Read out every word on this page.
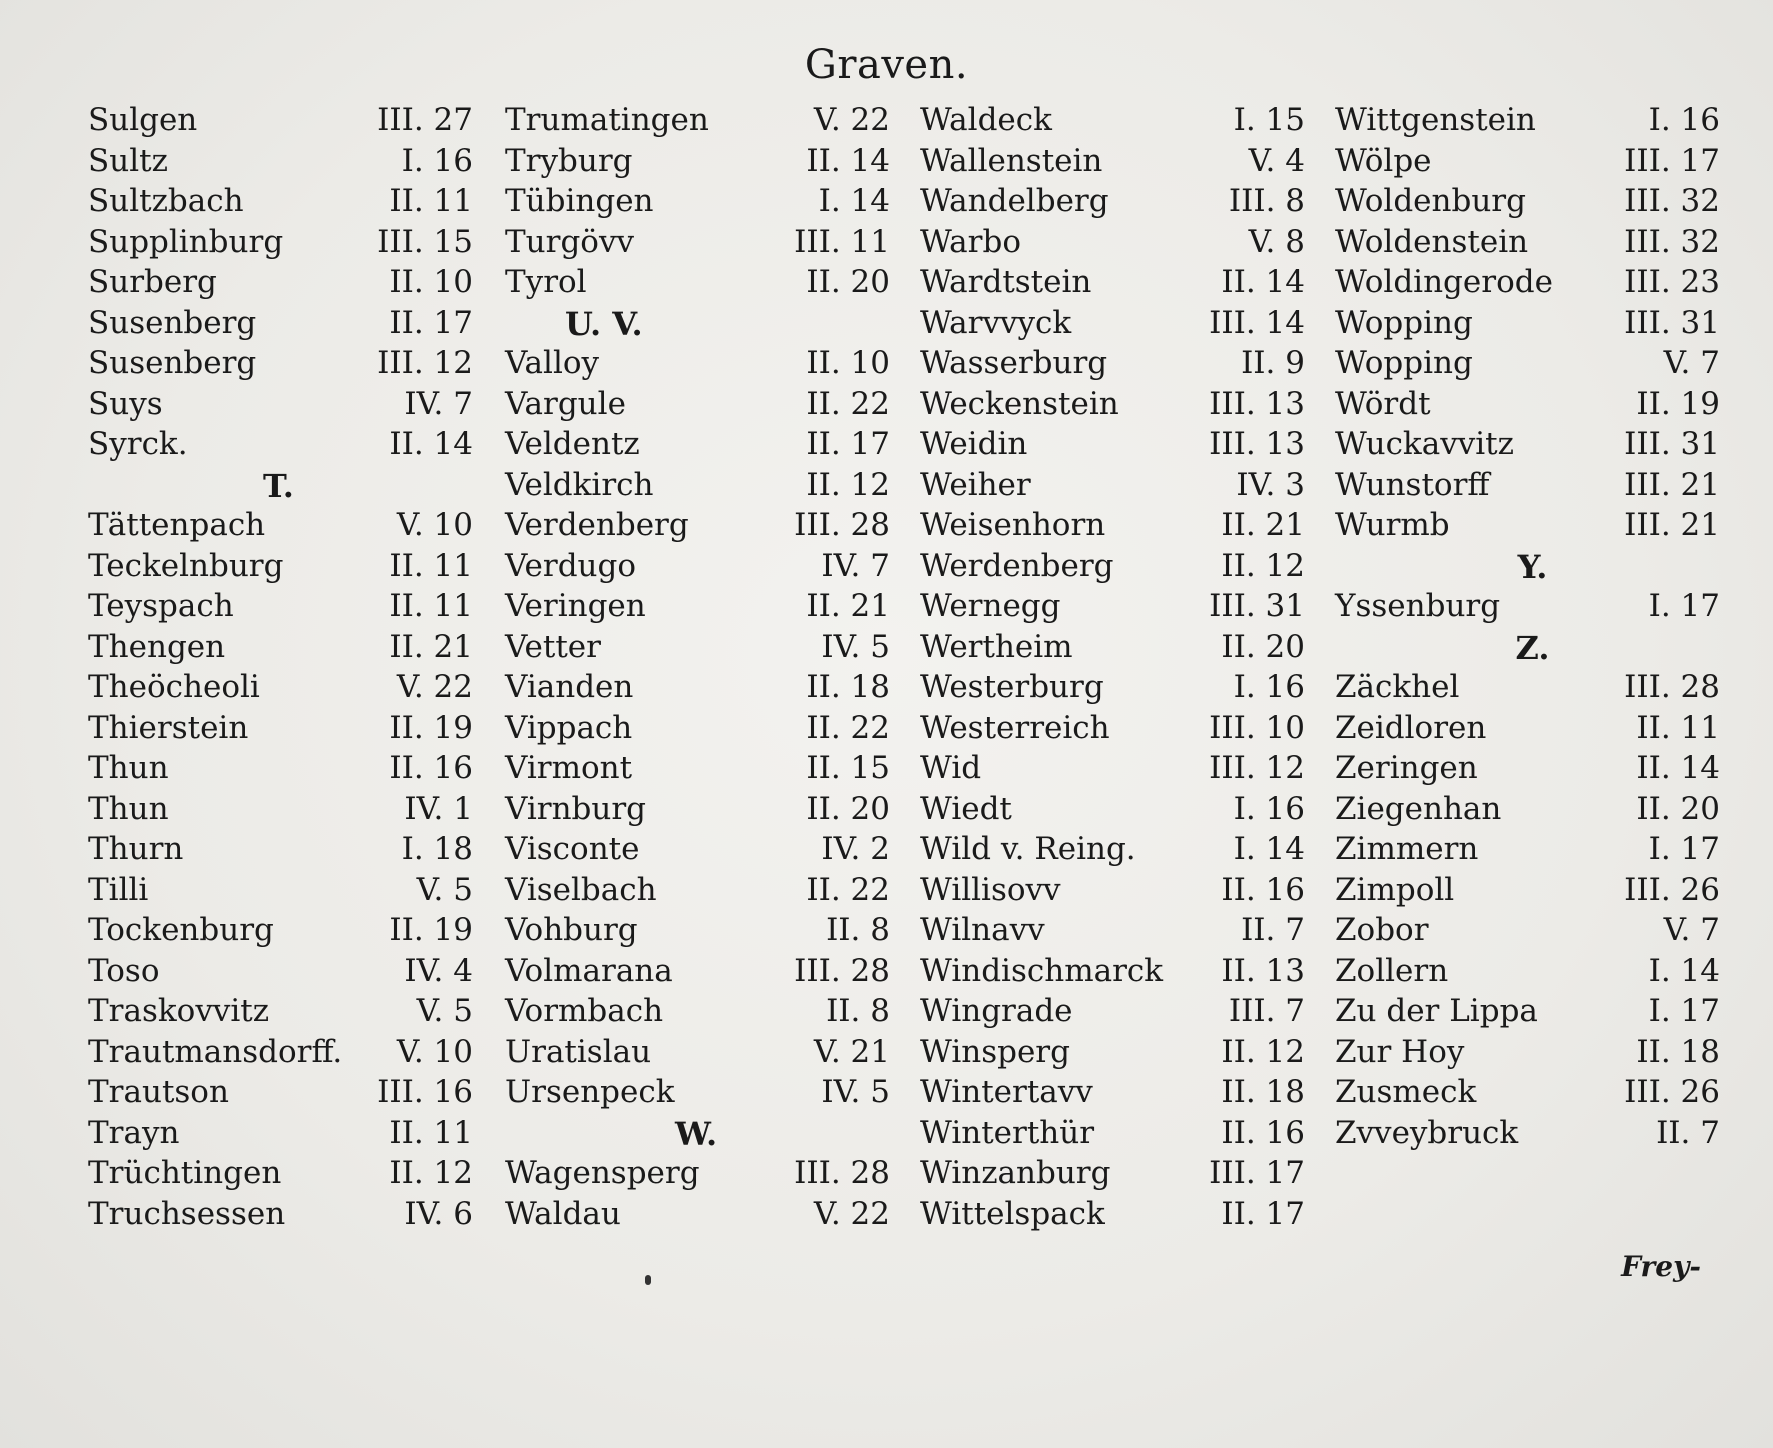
Graven.
Sulgen	III. 27
Sultz	I. 16
Sultzbach	II. 11
Supplinburg	III. 15
Surberg	II. 10
Susenberg	II. 17
Susenberg	III. 12
Suys	IV. 7
Syrck.	II. 14
T.
Tättenpach	V. 10
Teckelnburg	II. 11
Teyspach	II. 11
Thengen	II. 21
Theöcheoli	V. 22
Thierstein	II. 19
Thun	II. 16
Thun	IV. 1
Thurn	I. 18
Tilli	V. 5
Tockenburg	II. 19
Toso	IV. 4
Traskovvitz	V. 5
Trautmansdorff. V. 10
Trautson	III. 16
Trayn	II. 11
Trüchtingen	II. 12
Truchsessen	IV. 6
Trumatingen	V. 22
Tryburg	II. 14
Tübingen	I. 14
Turgövv	III. 11
Tyrol	II. 20
U. V.
Valloy	II. 10
Vargule	II. 22
Veldentz	II. 17
Veldkirch	II. 12
Verdenberg	III. 28
Verdugo	IV. 7
Veringen	II. 21
Vetter	IV. 5
Vianden	II. 18
Vippach	II. 22
Virmont	II. 15
Virnburg	II. 20
Visconte	IV. 2
Viselbach	II. 22
Vohburg	II. 8
Volmarana	III. 28
Vormbach	II. 8
Uratislau	V. 21
Ursenpeck	IV. 5
W.
Wagensperg	III. 28
Waldau	V. 22
Waldeck	I. 15
Wallenstein	V. 4
Wandelberg	III. 8
Warbo	V. 8
Wardtstein	II. 14
Warvvyck	III. 14
Wasserburg	II. 9
Weckenstein	III. 13
Weidin	III. 13
Weiher	IV. 3
Weisenhorn	II. 21
Werdenberg	II. 12
Wernegg	III. 31
Wertheim	II. 20
Westerburg	I. 16
Westerreich	III. 10
Wid	III. 12
Wiedt	I. 16
Wild v. Reing.	I. 14
Willisovv	II. 16
Wilnavv	II. 7
Windischmarck II. 13
Wingrade	III. 7
Winsperg	II. 12
Wintertavv	II. 18
Winterthür	II. 16
Winzanburg	III. 17
Wittelspack	II. 17
Wittgenstein	I. 16
Wölpe	III. 17
Woldenburg	III. 32
Woldenstein	III. 32
Woldingerode III. 23
Wopping	III. 31
Wopping	V. 7
Wördt	II. 19
Wuckavvitz	III. 31
Wunstorff	III. 21
Wurmb	III. 21
Y.
Yssenburg	I. 17
Z.
Zäckhel	III. 28
Zeidloren	II. 11
Zeringen	II. 14
Ziegenhan	II. 20
Zimmern	I. 17
Zimpoll	III. 26
Zobor	V. 7
Zollern	I. 14
Zu der Lippa	I. 17
Zur Hoy	II. 18
Zusmeck	III. 26
Zvveybruck	II. 7
Frey-
